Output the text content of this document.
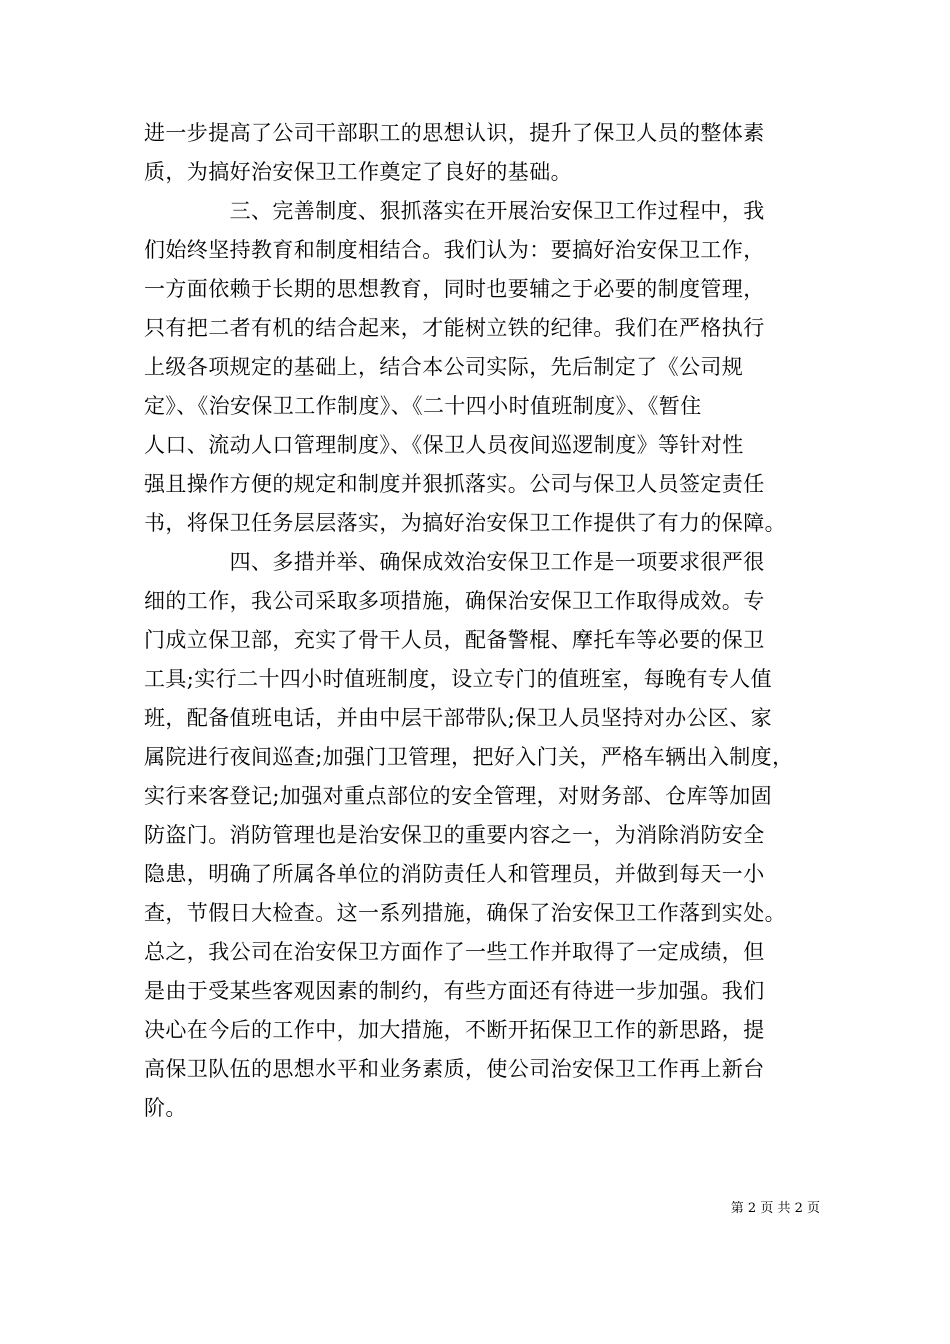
进一步提高了公司干部职工的思想认识，提升了保卫人员的整体素
质，为搞好治安保卫工作奠定了良好的基础。
　　　　三、完善制度、狠抓落实在开展治安保卫工作过程中，我
们始终坚持教育和制度相结合。我们认为：要搞好治安保卫工作，
一方面依赖于长期的思想教育，同时也要辅之于必要的制度管理，
只有把二者有机的结合起来，才能树立铁的纪律。我们在严格执行
上级各项规定的基础上，结合本公司实际，先后制定了《公司规
定》、《治安保卫工作制度》、《二十四小时值班制度》、《暂住
人口、流动人口管理制度》、《保卫人员夜间巡逻制度》等针对性
强且操作方便的规定和制度并狠抓落实。公司与保卫人员签定责任
书，将保卫任务层层落实，为搞好治安保卫工作提供了有力的保障。
　　　　四、多措并举、确保成效治安保卫工作是一项要求很严很
细的工作，我公司采取多项措施，确保治安保卫工作取得成效。专
门成立保卫部，充实了骨干人员，配备警棍、摩托车等必要的保卫
工具;实行二十四小时值班制度，设立专门的值班室，每晚有专人值
班，配备值班电话，并由中层干部带队;保卫人员坚持对办公区、家
属院进行夜间巡查;加强门卫管理，把好入门关，严格车辆出入制度，
实行来客登记;加强对重点部位的安全管理，对财务部、仓库等加固
防盗门。消防管理也是治安保卫的重要内容之一，为消除消防安全
隐患，明确了所属各单位的消防责任人和管理员，并做到每天一小
查，节假日大检查。这一系列措施，确保了治安保卫工作落到实处。
总之，我公司在治安保卫方面作了一些工作并取得了一定成绩，但
是由于受某些客观因素的制约，有些方面还有待进一步加强。我们
决心在今后的工作中，加大措施，不断开拓保卫工作的新思路，提
高保卫队伍的思想水平和业务素质，使公司治安保卫工作再上新台
阶。
第 2 页 共 2 页
